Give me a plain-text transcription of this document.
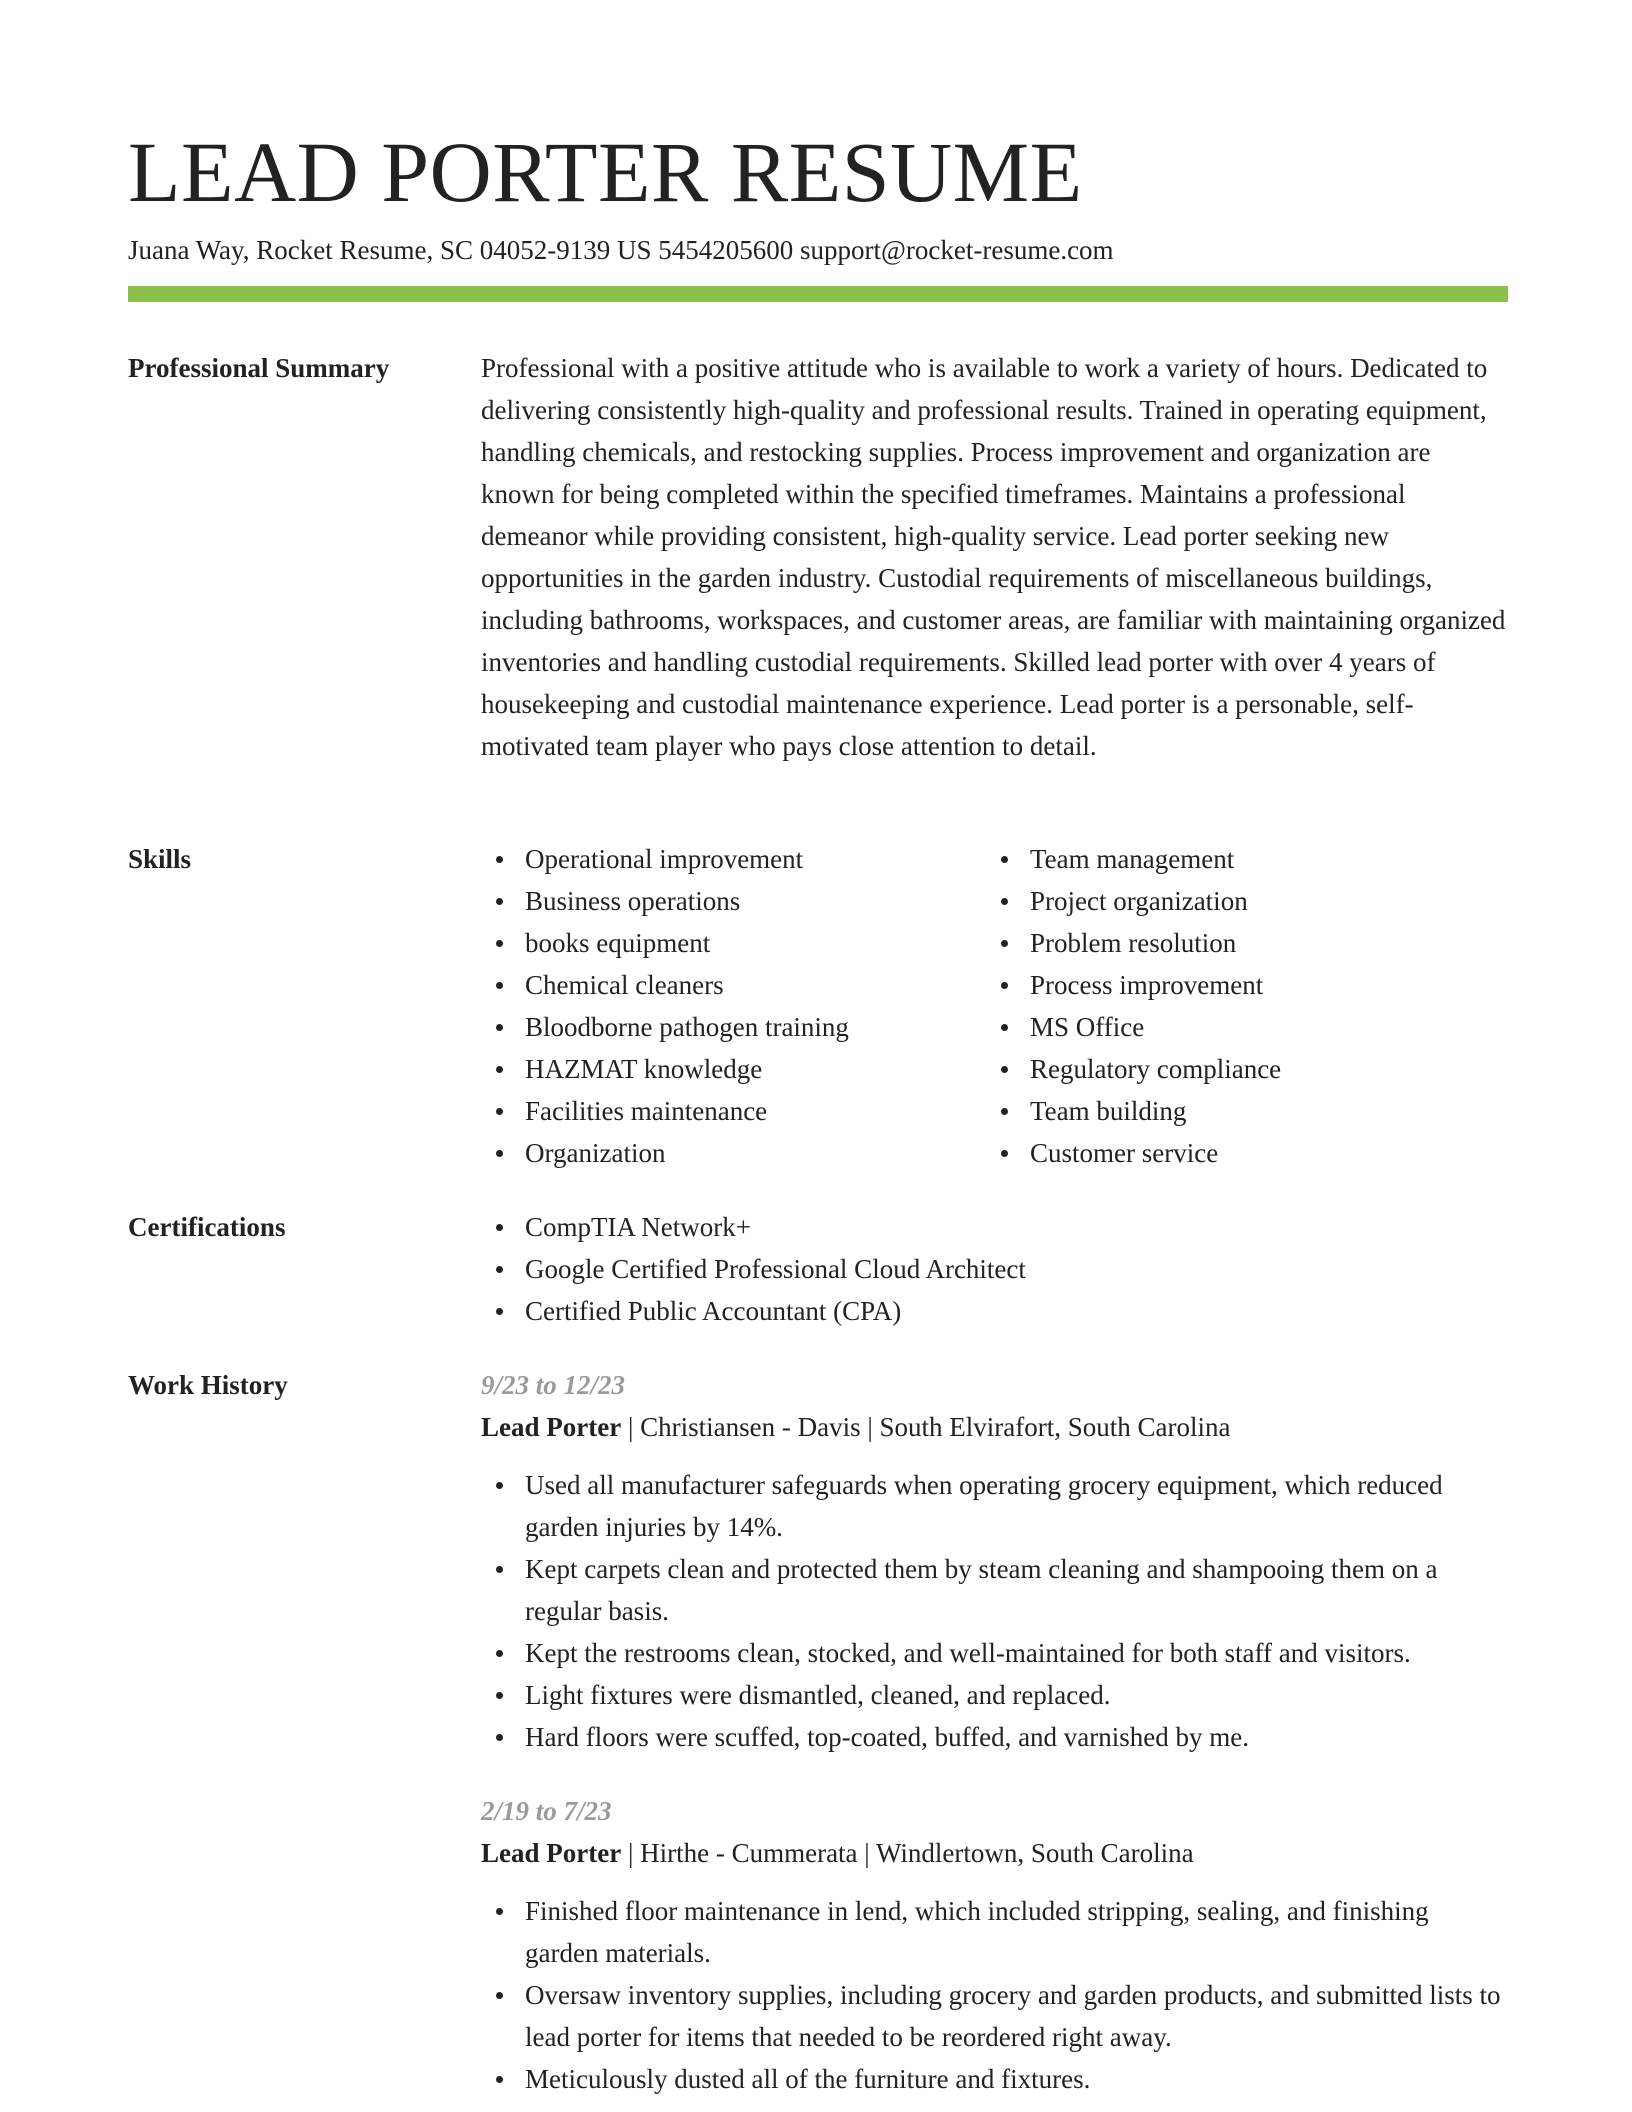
LEAD PORTER RESUME
Juana Way, Rocket Resume, SC 04052-9139 US 5454205600 support@rocket-resume.com
Professional Summary	Professional with a positive attitude who is available to work a variety of hours. Dedicated to delivering consistently high-quality and professional results. Trained in operating equipment, handling chemicals, and restocking supplies. Process improvement and organization are known for being completed within the specified timeframes. Maintains a professional demeanor while providing consistent, high-quality service. Lead porter seeking new opportunities in the garden industry. Custodial requirements of miscellaneous buildings, including bathrooms, workspaces, and customer areas, are familiar with maintaining organized inventories and handling custodial requirements. Skilled lead porter with over 4 years of housekeeping and custodial maintenance experience. Lead porter is a personable, self-motivated team player who pays close attention to detail.

Skills	Operational improvement
Business operations
books equipment
Chemical cleaners
Bloodborne pathogen training
HAZMAT knowledge
Facilities maintenance
Organization
Team management
Project organization
Problem resolution
Process improvement
MS Office
Regulatory compliance
Team building
Customer service
Certifications	CompTIA Network+
Google Certified Professional Cloud Architect
Certified Public Accountant (CPA)
Work History	9/23 to 12/23
Lead Porter | Christiansen - Davis | South Elvirafort, South Carolina
Used all manufacturer safeguards when operating grocery equipment, which reduced garden injuries by 14%.
Kept carpets clean and protected them by steam cleaning and shampooing them on a regular basis.
Kept the restrooms clean, stocked, and well-maintained for both staff and visitors.
Light fixtures were dismantled, cleaned, and replaced.
Hard floors were scuffed, top-coated, buffed, and varnished by me.
2/19 to 7/23
Lead Porter | Hirthe - Cummerata | Windlertown, South Carolina
Finished floor maintenance in lend, which included stripping, sealing, and finishing garden materials.
Oversaw inventory supplies, including grocery and garden products, and submitted lists to lead porter for items that needed to be reordered right away.
Meticulously dusted all of the furniture and fixtures.
